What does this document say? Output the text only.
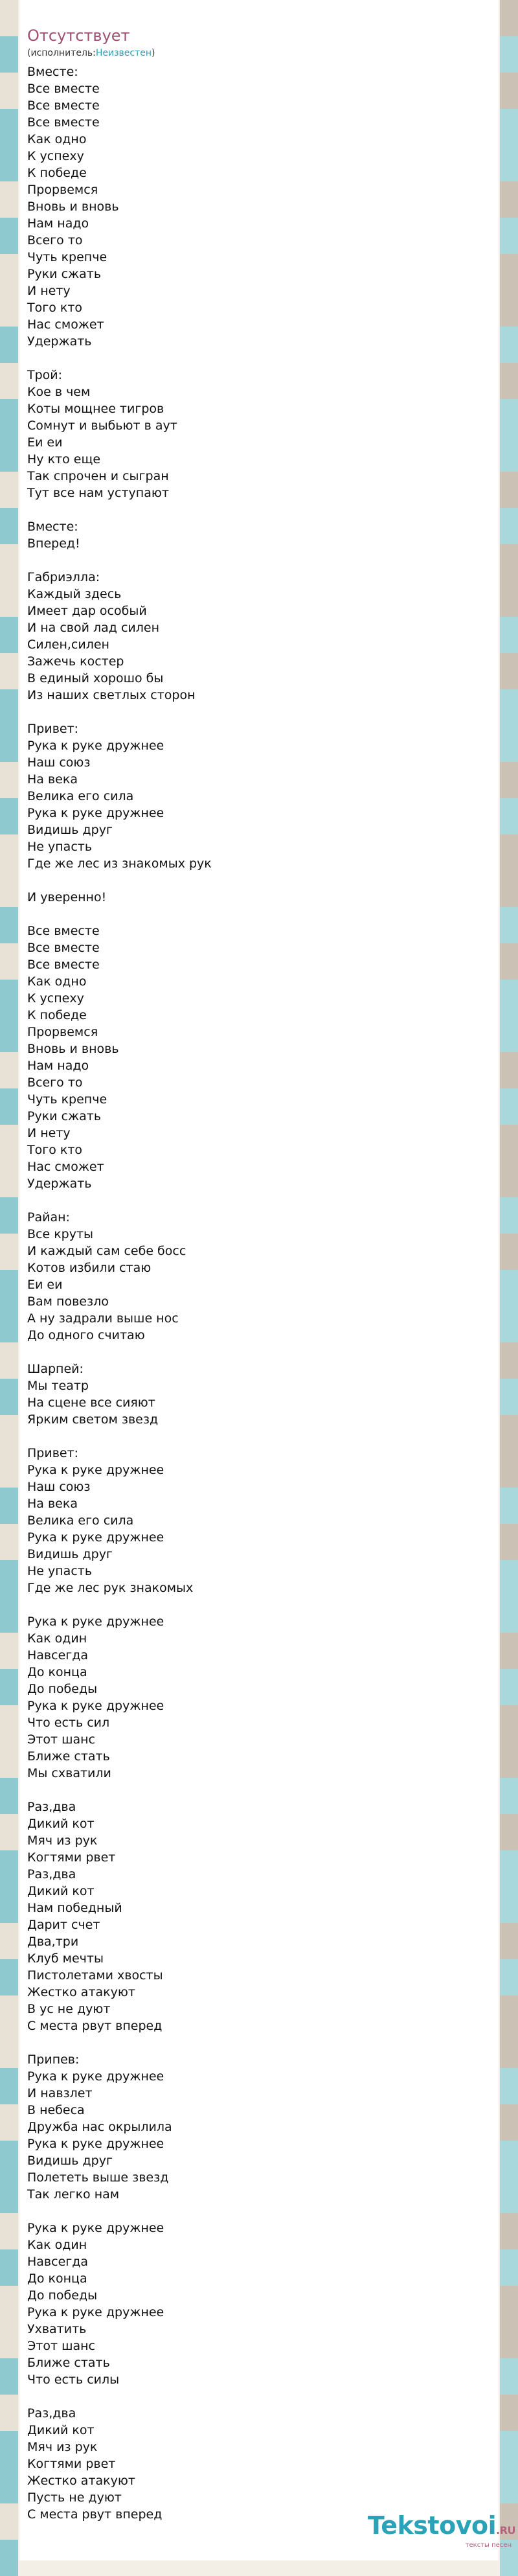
Отсутствует
(исполнитель:Неизвестен)
Вместе:
Все вместе
Все вместе
Все вместе
Как одно
К успеху
К победе
Прорвемся
Вновь и вновь
Нам надо
Всего то
Чуть крепче
Руки сжать
И нету
Того кто
Нас сможет
Удержать
Трой:
Кое в чем
Коты мощнее тигров
Сомнут и выбьют в аут
Еи еи
Ну кто еще
Так спрочен и сыгран
Тут все нам уступают
Вместе:
Вперед!
Габриэлла:
Каждый здесь
Имеет дар особый
И на свой лад силен
Силен,силен
Зажечь костер
В единый хорошо бы
Из наших светлых сторон
Привет:
Рука к руке дружнее
Наш союз
На века
Велика его сила
Рука к руке дружнее
Видишь друг
Не упасть
Где же лес из знакомых рук
И уверенно!
Все вместе
Все вместе
Все вместе
Как одно
К успеху
К победе
Прорвемся
Вновь и вновь
Нам надо
Всего то
Чуть крепче
Руки сжать
И нету
Того кто
Нас сможет
Удержать
Райан:
Все круты
И каждый сам себе босс
Котов избили стаю
Еи еи
Вам повезло
А ну задрали выше нос
До одного считаю
Шарпей:
Мы театр
На сцене все сияют
Ярким светом звезд
Привет:
Рука к руке дружнее
Наш союз
На века
Велика его сила
Рука к руке дружнее
Видишь друг
Не упасть
Где же лес рук знакомых
Рука к руке дружнее
Как один
Навсегда
До конца
До победы
Рука к руке дружнее
Что есть сил
Этот шанс
Ближе стать
Мы схватили
Раз,два
Дикий кот
Мяч из рук
Когтями рвет
Раз,два
Дикий кот
Нам победный
Дарит счет
Два,три
Клуб мечты
Пистолетами хвосты
Жестко атакуют
В ус не дуют
С места рвут вперед
Припев:
Рука к руке дружнее
И навзлет
В небеса
Дружба нас окрылила
Рука к руке дружнее
Видишь друг
Полететь выше звезд
Так легко нам
Рука к руке дружнее
Как один
Навсегда
До конца
До победы
Рука к руке дружнее
Ухватить
Этот шанс
Ближе стать
Что есть силы
Раз,два
Дикий кот
Мяч из рук
Когтями рвет
Жестко атакуют
Пусть не дуют
С места рвут вперед	Tekstovoi.RU
тексты песен
